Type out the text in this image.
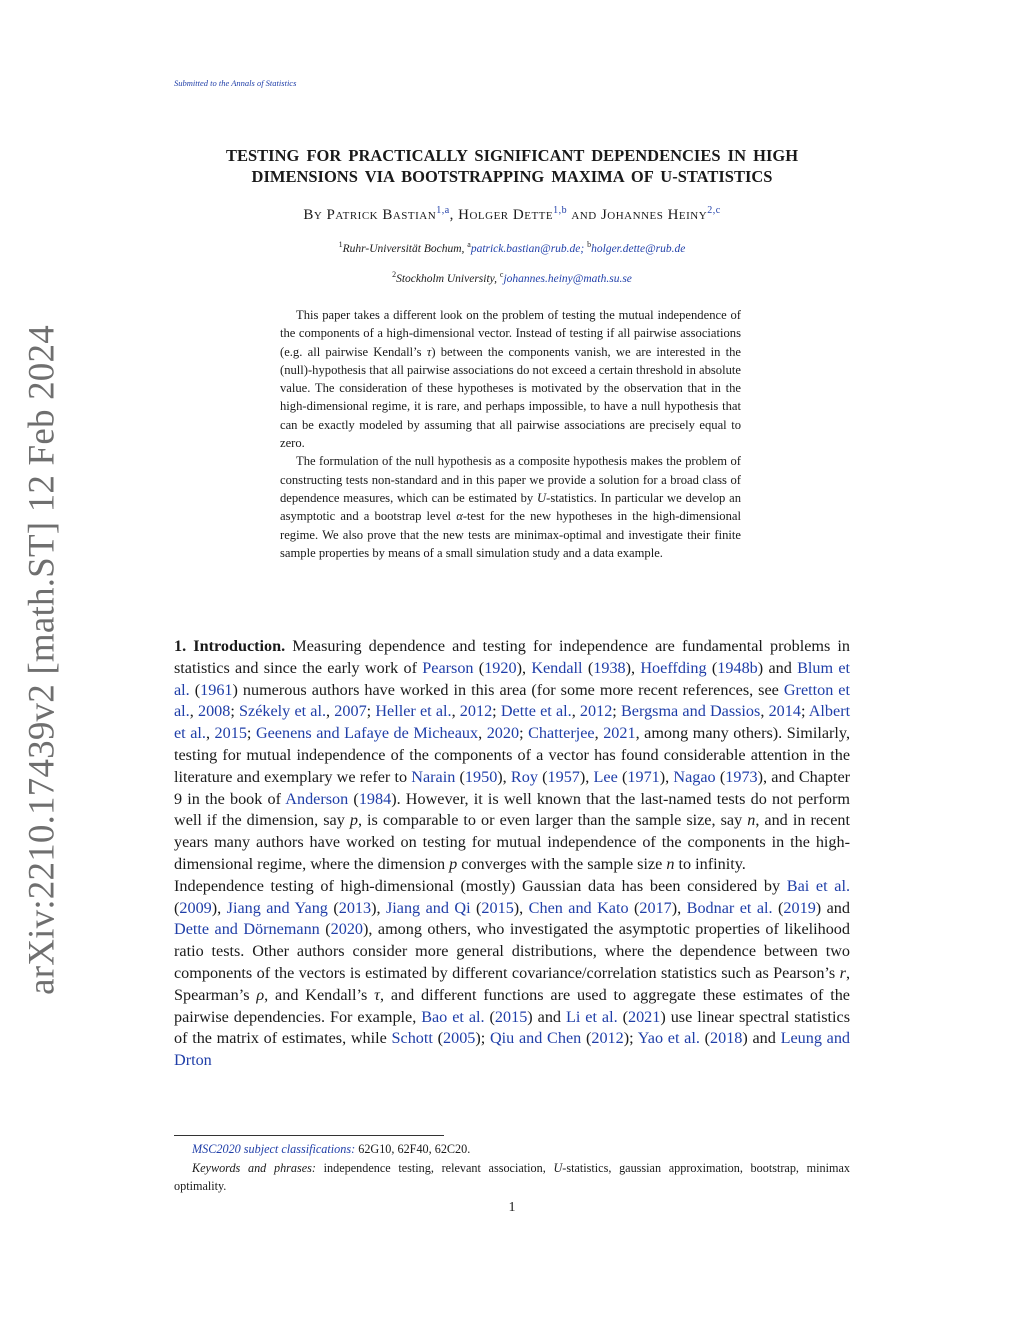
Submitted to the Annals of Statistics
arXiv:2210.17439v2 [math.ST] 12 Feb 2024
TESTING FOR PRACTICALLY SIGNIFICANT DEPENDENCIES IN HIGH
DIMENSIONS VIA BOOTSTRAPPING MAXIMA OF U-STATISTICS
By Patrick Bastian$^{1,a}$, Holger Dette$^{1,b}$ and Johannes Heiny$^{2,c}$
$^1$Ruhr-Universität Bochum, $^a$patrick.bastian@rub.de; $^b$holger.dette@rub.de
$^2$Stockholm University, $^c$johannes.heiny@math.su.se

This paper takes a different look on the problem of testing the mutual independence of the components of a high-dimensional vector. Instead of testing if all pairwise associations (e.g. all pairwise Kendall’s τ) between the components vanish, we are interested in the (null)-hypothesis that all pairwise associations do not exceed a certain threshold in absolute value. The consideration of these hypotheses is motivated by the observation that in the high-dimensional regime, it is rare, and perhaps impossible, to have a null hypothesis that can be exactly modeled by assuming that all pairwise associations are precisely equal to zero.

The formulation of the null hypothesis as a composite hypothesis makes the problem of constructing tests non-standard and in this paper we provide a solution for a broad class of dependence measures, which can be estimated by U-statistics. In particular we develop an asymptotic and a bootstrap level α-test for the new hypotheses in the high-dimensional regime. We also prove that the new tests are minimax-optimal and investigate their finite sample properties by means of a small simulation study and a data example.

1. Introduction. Measuring dependence and testing for independence are fundamental problems in statistics and since the early work of Pearson (1920), Kendall (1938), Hoeffding (1948b) and Blum et al. (1961) numerous authors have worked in this area (for some more recent references, see Gretton et al., 2008; Székely et al., 2007; Heller et al., 2012; Dette et al., 2012; Bergsma and Dassios, 2014; Albert et al., 2015; Geenens and Lafaye de Micheaux, 2020; Chatterjee, 2021, among many others). Similarly, testing for mutual independence of the components of a vector has found considerable attention in the literature and exemplary we refer to Narain (1950), Roy (1957), Lee (1971), Nagao (1973), and Chapter 9 in the book of Anderson (1984). However, it is well known that the last-named tests do not perform well if the dimension, say p, is comparable to or even larger than the sample size, say n, and in recent years many authors have worked on testing for mutual independence of the components in the high-dimensional regime, where the dimension p converges with the sample size n to infinity.

Independence testing of high-dimensional (mostly) Gaussian data has been considered by Bai et al. (2009), Jiang and Yang (2013), Jiang and Qi (2015), Chen and Kato (2017), Bodnar et al. (2019) and Dette and Dörnemann (2020), among others, who investigated the asymptotic properties of likelihood ratio tests. Other authors consider more general distributions, where the dependence between two components of the vectors is estimated by different covariance/correlation statistics such as Pearson’s r, Spearman’s ρ, and Kendall’s τ, and different functions are used to aggregate these estimates of the pairwise dependencies. For example, Bao et al. (2015) and Li et al. (2021) use linear spectral statistics of the matrix of estimates, while Schott (2005); Qiu and Chen (2012); Yao et al. (2018) and Leung and Drton

MSC2020 subject classifications: 62G10, 62F40, 62C20.

Keywords and phrases: independence testing, relevant association, U-statistics, gaussian approximation, bootstrap, minimax optimality.

1
